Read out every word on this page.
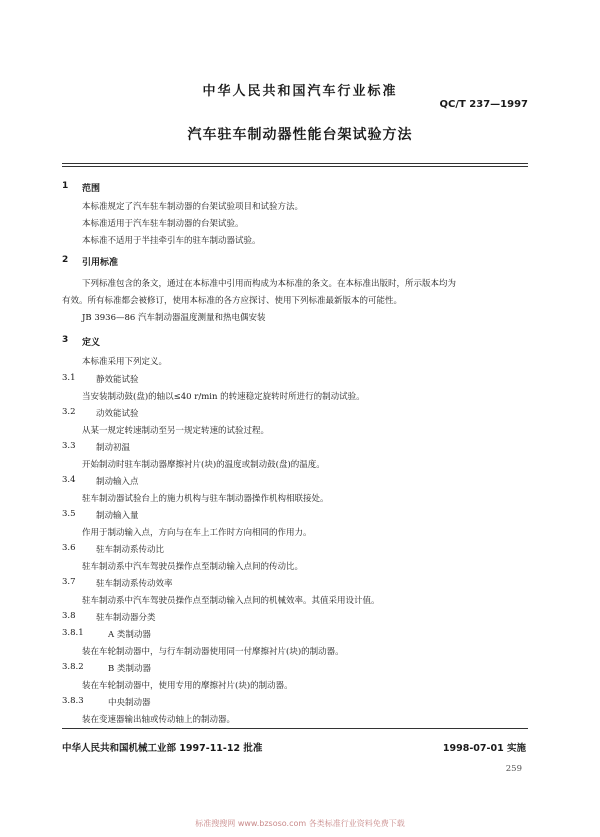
中华人民共和国汽车行业标准
QC/T 237—1997
汽车驻车制动器性能台架试验方法
1 范围
本标准规定了汽车驻车制动器的台架试验项目和试验方法。
本标准适用于汽车驻车制动器的台架试验。
本标准不适用于半挂牵引车的驻车制动器试验。
2 引用标准
下列标准包含的条文，通过在本标准中引用而构成为本标准的条文。在本标准出版时，所示版本均为
有效。所有标准都会被修订，使用本标准的各方应探讨、使用下列标准最新版本的可能性。
JB 3936—86 汽车制动器温度测量和热电偶安装
3 定义
本标准采用下列定义。
3.1 静效能试验
当安装制动鼓(盘)的轴以≤40 r/min 的转速稳定旋转时所进行的制动试验。
3.2 动效能试验
从某一规定转速制动至另一规定转速的试验过程。
3.3 制动初温
开始制动时驻车制动器摩擦衬片(块)的温度或制动鼓(盘)的温度。
3.4 制动输入点
驻车制动器试验台上的施力机构与驻车制动器操作机构相联接处。
3.5 制动输入量
作用于制动输入点，方向与在车上工作时方向相同的作用力。
3.6 驻车制动系传动比
驻车制动系中汽车驾驶员操作点至制动输入点间的传动比。
3.7 驻车制动系传动效率
驻车制动系中汽车驾驶员操作点至制动输入点间的机械效率。其值采用设计值。
3.8 驻车制动器分类
3.8.1	A 类制动器
装在车轮制动器中，与行车制动器使用同一付摩擦衬片(块)的制动器。
3.8.2	B 类制动器
装在车轮制动器中，使用专用的摩擦衬片(块)的制动器。
3.8.3	中央制动器
装在变速器输出轴或传动轴上的制动器。
中华人民共和国机械工业部 1997-11-12 批准	1998-07-01 实施
259
标准搜搜网 www.bzsoso.com 各类标准行业资料免费下载
